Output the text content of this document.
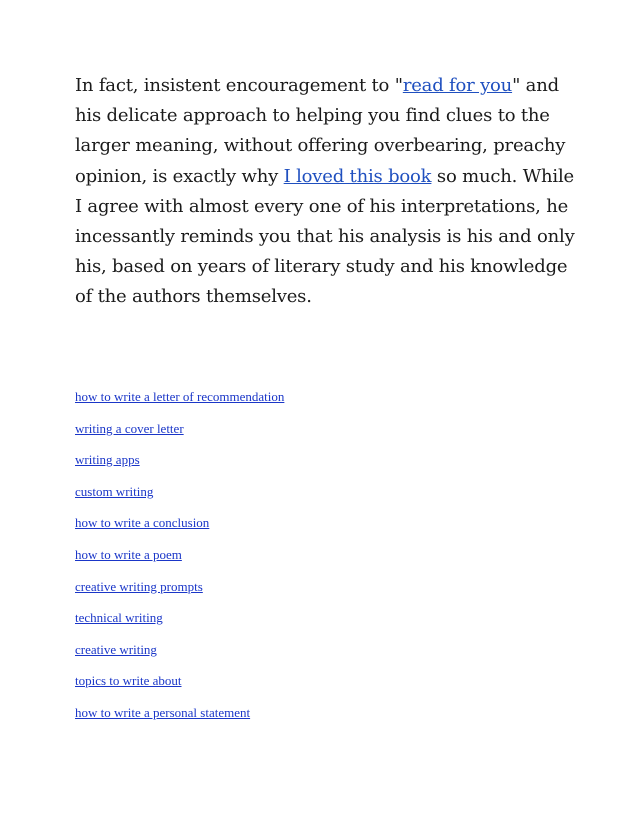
In fact, insistent encouragement to "read for you" and his delicate approach to helping you find clues to the larger meaning, without offering overbearing, preachy opinion, is exactly why I loved this book so much. While I agree with almost every one of his interpretations, he incessantly reminds you that his analysis is his and only his, based on years of literary study and his knowledge of the authors themselves.

how to write a letter of recommendation
writing a cover letter
writing apps
custom writing
how to write a conclusion
how to write a poem
creative writing prompts
technical writing
creative writing
topics to write about
how to write a personal statement
